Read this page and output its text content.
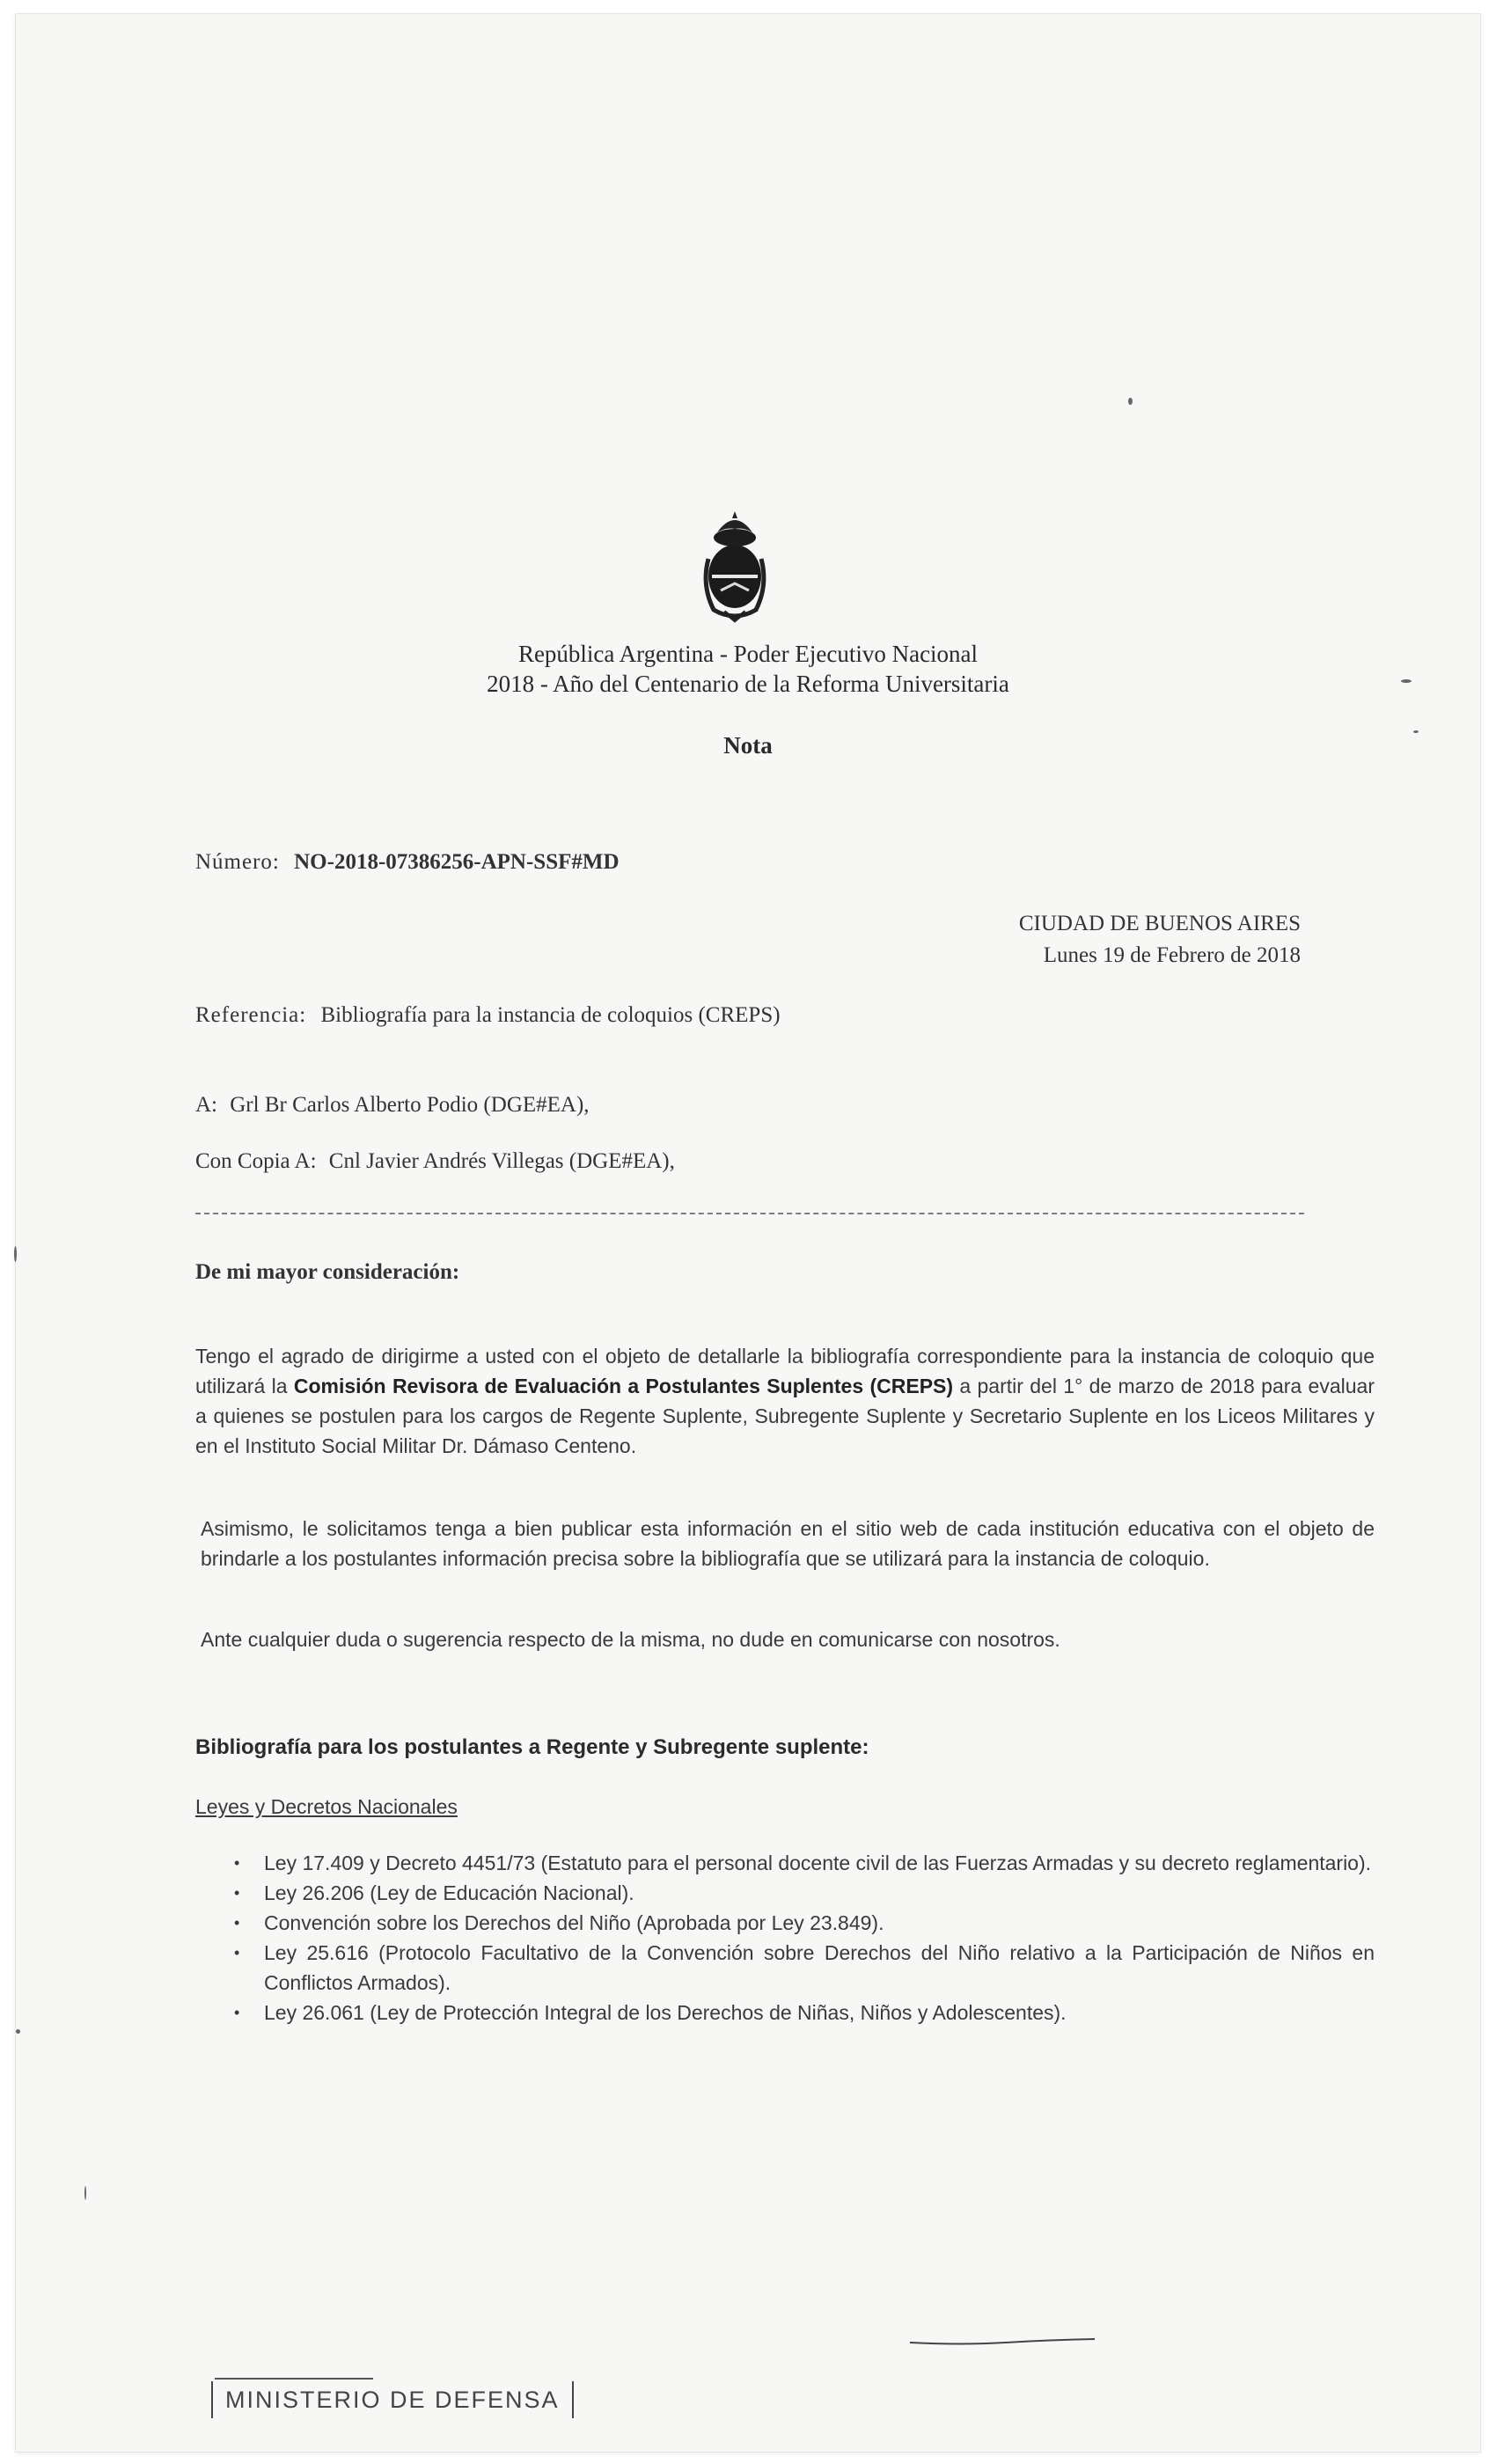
República Argentina - Poder Ejecutivo Nacional
2018 - Año del Centenario de la Reforma Universitaria
Nota
Número: NO-2018-07386256-APN-SSF#MD
CIUDAD DE BUENOS AIRES
Lunes 19 de Febrero de 2018
Referencia: Bibliografía para la instancia de coloquios (CREPS)
A: Grl Br Carlos Alberto Podio (DGE#EA),
Con Copia A: Cnl Javier Andrés Villegas (DGE#EA),
De mi mayor consideración:
Tengo el agrado de dirigirme a usted con el objeto de detallarle la bibliografía correspondiente para la instancia de coloquio que utilizará la Comisión Revisora de Evaluación a Postulantes Suplentes (CREPS) a partir del 1° de marzo de 2018 para evaluar a quienes se postulen para los cargos de Regente Suplente, Subregente Suplente y Secretario Suplente en los Liceos Militares y en el Instituto Social Militar Dr. Dámaso Centeno.
Asimismo, le solicitamos tenga a bien publicar esta información en el sitio web de cada institución educativa con el objeto de brindarle a los postulantes información precisa sobre la bibliografía que se utilizará para la instancia de coloquio.
Ante cualquier duda o sugerencia respecto de la misma, no dude en comunicarse con nosotros.
Bibliografía para los postulantes a Regente y Subregente suplente:
Leyes y Decretos Nacionales
• Ley 17.409 y Decreto 4451/73 (Estatuto para el personal docente civil de las Fuerzas Armadas y su decreto reglamentario).
• Ley 26.206 (Ley de Educación Nacional).
• Convención sobre los Derechos del Niño (Aprobada por Ley 23.849).
• Ley 25.616 (Protocolo Facultativo de la Convención sobre Derechos del Niño relativo a la Participación de Niños en Conflictos Armados).
• Ley 26.061 (Ley de Protección Integral de los Derechos de Niñas, Niños y Adolescentes).
MINISTERIO DE DEFENSA
